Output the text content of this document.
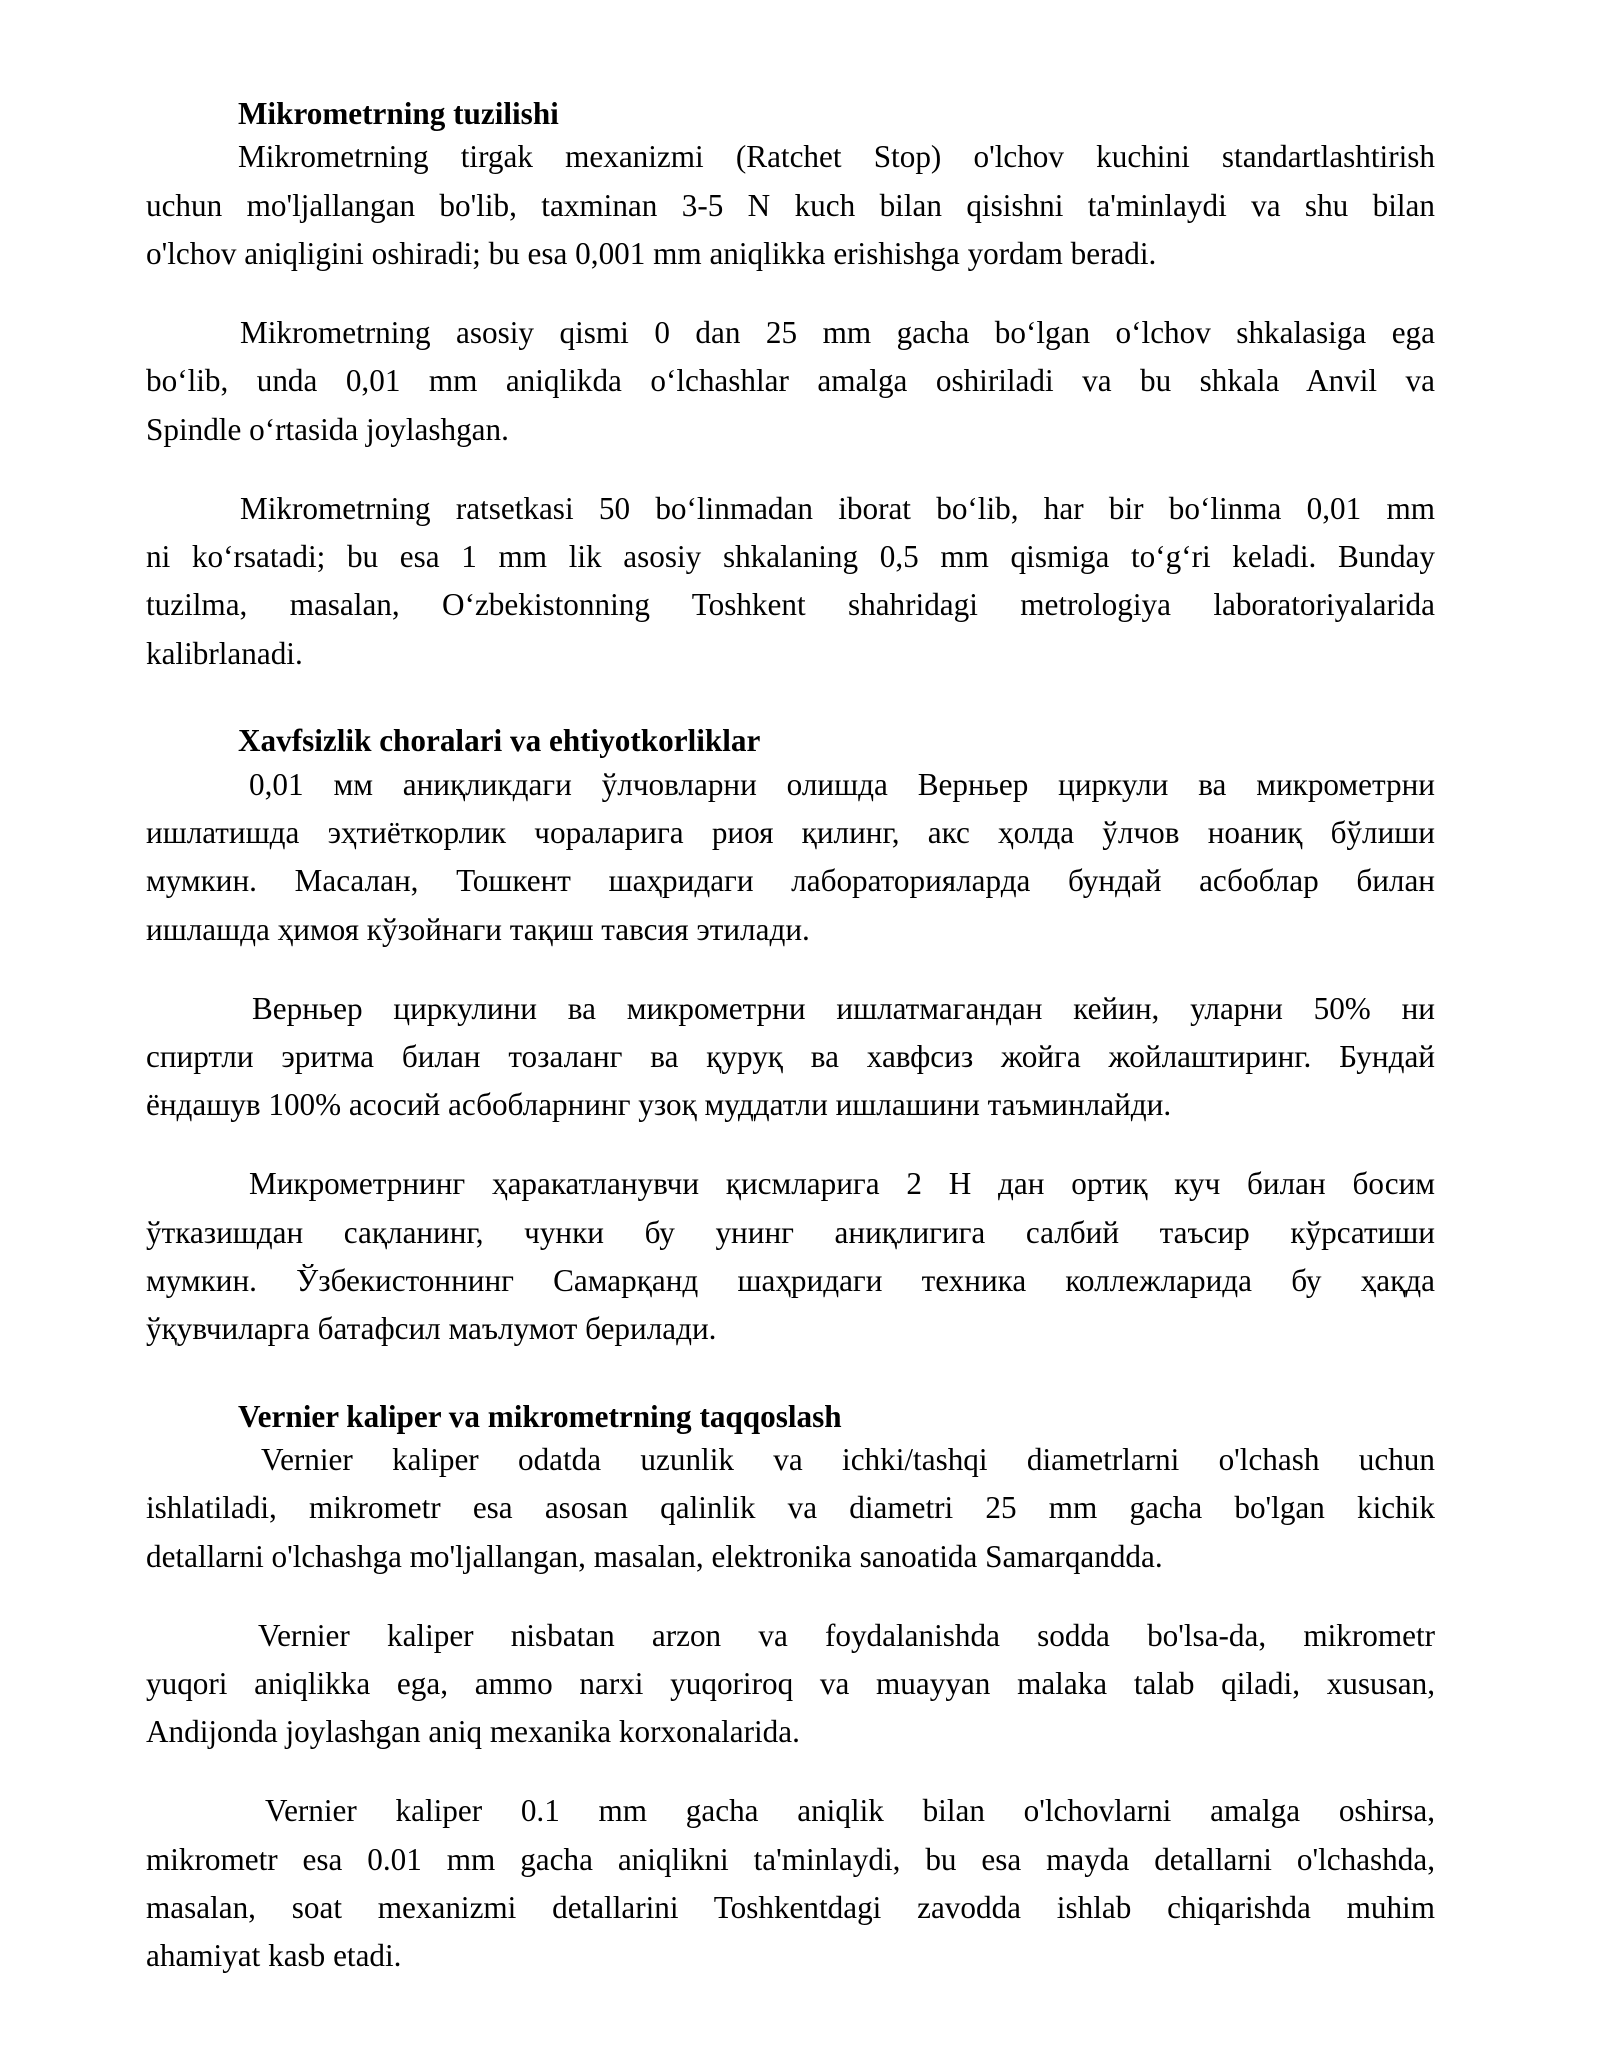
Mikrometrning tuzilishi
Mikrometrning tirgak mexanizmi (Ratchet Stop) o'lchov kuchini standartlashtirish
uchun mo'ljallangan bo'lib, taxminan 3-5 N kuch bilan qisishni ta'minlaydi va shu bilan
o'lchov aniqligini oshiradi; bu esa 0,001 mm aniqlikka erishishga yordam beradi.
Mikrometrning asosiy qismi 0 dan 25 mm gacha bo‘lgan o‘lchov shkalasiga ega
bo‘lib, unda 0,01 mm aniqlikda o‘lchashlar amalga oshiriladi va bu shkala Anvil va
Spindle o‘rtasida joylashgan.
Mikrometrning ratsetkasi 50 bo‘linmadan iborat bo‘lib, har bir bo‘linma 0,01 mm
ni ko‘rsatadi; bu esa 1 mm lik asosiy shkalaning 0,5 mm qismiga to‘g‘ri keladi. Bunday
tuzilma, masalan, O‘zbekistonning Toshkent shahridagi metrologiya laboratoriyalarida
kalibrlanadi.
Xavfsizlik choralari va ehtiyotkorliklar
0,01 мм аниқликдаги ўлчовларни олишда Верньер циркули ва микрометрни
ишлатишда эҳтиёткорлик чораларига риоя қилинг, акс ҳолда ўлчов ноаниқ бўлиши
мумкин. Масалан, Тошкент шаҳридаги лабораторияларда бундай асбоблар билан
ишлашда ҳимоя кўзойнаги тақиш тавсия этилади.
Верньер циркулини ва микрометрни ишлатмагандан кейин, уларни 50% ни
спиртли эритма билан тозаланг ва қуруқ ва хавфсиз жойга жойлаштиринг. Бундай
ёндашув 100% асосий асбобларнинг узоқ муддатли ишлашини таъминлайди.
Микрометрнинг ҳаракатланувчи қисмларига 2 Н дан ортиқ куч билан босим
ўтказишдан сақланинг, чунки бу унинг аниқлигига салбий таъсир кўрсатиши
мумкин. Ўзбекистоннинг Самарқанд шаҳридаги техника коллежларида бу ҳақда
ўқувчиларга батафсил маълумот берилади.
Vernier kaliper va mikrometrning taqqoslash
Vernier kaliper odatda uzunlik va ichki/tashqi diametrlarni o'lchash uchun
ishlatiladi, mikrometr esa asosan qalinlik va diametri 25 mm gacha bo'lgan kichik
detallarni o'lchashga mo'ljallangan, masalan, elektronika sanoatida Samarqandda.
Vernier kaliper nisbatan arzon va foydalanishda sodda bo'lsa-da, mikrometr
yuqori aniqlikka ega, ammo narxi yuqoriroq va muayyan malaka talab qiladi, xususan,
Andijonda joylashgan aniq mexanika korxonalarida.
Vernier kaliper 0.1 mm gacha aniqlik bilan o'lchovlarni amalga oshirsa,
mikrometr esa 0.01 mm gacha aniqlikni ta'minlaydi, bu esa mayda detallarni o'lchashda,
masalan, soat mexanizmi detallarini Toshkentdagi zavodda ishlab chiqarishda muhim
ahamiyat kasb etadi.
